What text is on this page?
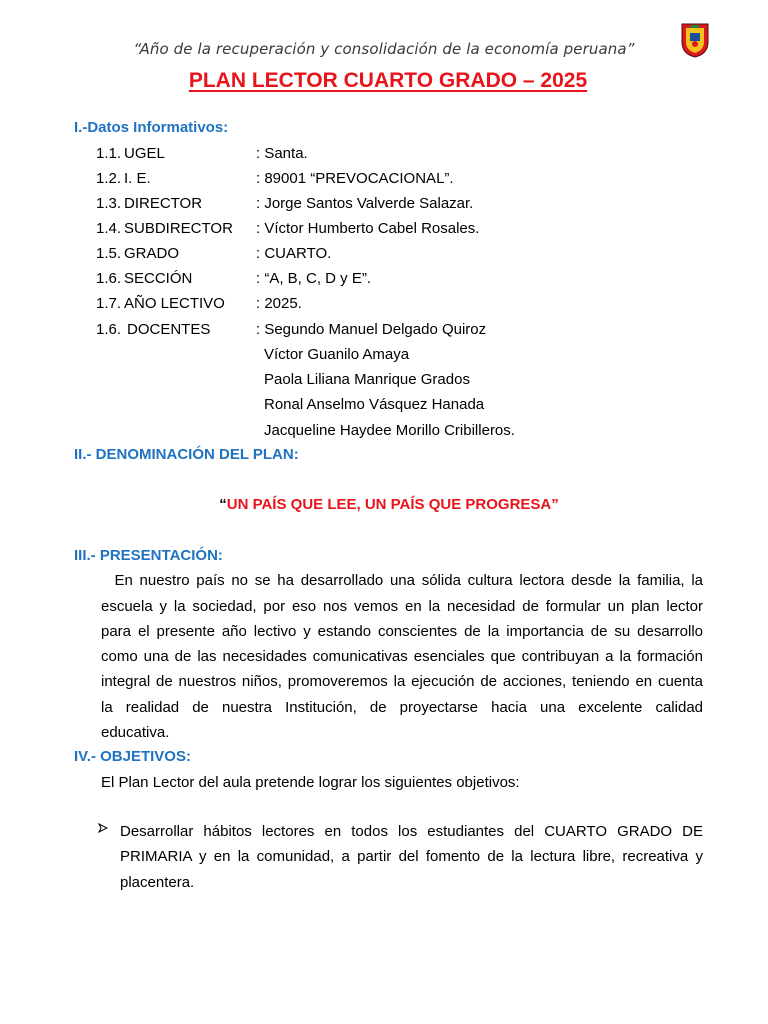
“Año de la recuperación y consolidación de la economía peruana”
PLAN LECTOR CUARTO GRADO – 2025
I.-Datos Informativos:
1.1. UGEL	: Santa.
1.2. I. E.	: 89001 “PREVOCACIONAL”.
1.3. DIRECTOR	: Jorge Santos Valverde Salazar.
1.4. SUBDIRECTOR : Víctor Humberto Cabel Rosales.
1.5. GRADO	: CUARTO.
1.6. SECCIÓN	: “A, B, C, D y E”.
1.7. AÑO LECTIVO : 2025.
1.6. DOCENTES	: Segundo Manuel Delgado Quiroz
Víctor Guanilo Amaya
Paola Liliana Manrique Grados
Ronal Anselmo Vásquez Hanada
Jacqueline Haydee Morillo Cribilleros.
II.- DENOMINACIÓN DEL PLAN:
“UN PAÍS QUE LEE, UN PAÍS QUE PROGRESA”
III.- PRESENTACIÓN:
En nuestro país no se ha desarrollado una sólida cultura lectora desde la familia, la
escuela y la sociedad, por eso nos vemos en la necesidad de formular un plan lector
para el presente año lectivo y estando conscientes de la importancia de su desarrollo
como una de las necesidades comunicativas esenciales que contribuyan a la formación
integral de nuestros niños, promoveremos la ejecución de acciones, teniendo en cuenta
la realidad de nuestra Institución, de proyectarse hacia una excelente calidad
educativa.
IV.- OBJETIVOS:
El Plan Lector del aula pretende lograr los siguientes objetivos:
Desarrollar hábitos lectores en todos los estudiantes del CUARTO GRADO DE
PRIMARIA y en la comunidad, a partir del fomento de la lectura libre, recreativa y
placentera.
